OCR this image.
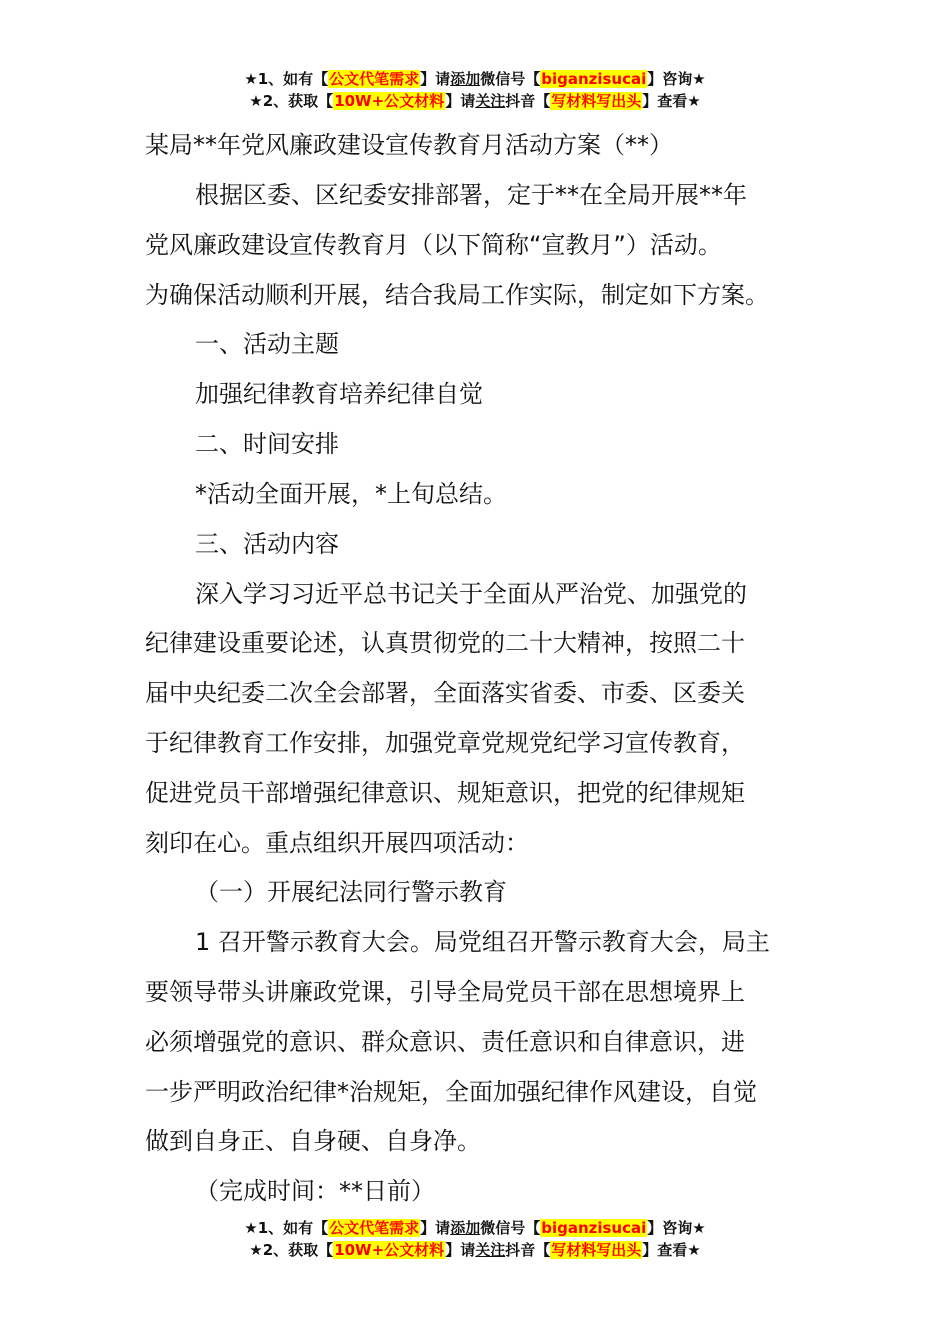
★1、如有【公文代笔需求】请添加微信号【biganzisucai】咨询★
★2、获取【10W+公文材料】请关注抖音【写材料写出头】查看★
某局**年党风廉政建设宣传教育月活动方案（**）
根据区委、区纪委安排部署，定于**在全局开展**年
党风廉政建设宣传教育月（以下简称“宣教月”）活动。
为确保活动顺利开展，结合我局工作实际，制定如下方案。
一、活动主题
加强纪律教育培养纪律自觉
二、时间安排
*活动全面开展，*上旬总结。
三、活动内容
深入学习习近平总书记关于全面从严治党、加强党的
纪律建设重要论述，认真贯彻党的二十大精神，按照二十
届中央纪委二次全会部署，全面落实省委、市委、区委关
于纪律教育工作安排，加强党章党规党纪学习宣传教育，
促进党员干部增强纪律意识、规矩意识，把党的纪律规矩
刻印在心。重点组织开展四项活动：
（一）开展纪法同行警示教育
1 召开警示教育大会。局党组召开警示教育大会，局主
要领导带头讲廉政党课，引导全局党员干部在思想境界上
必须增强党的意识、群众意识、责任意识和自律意识，进
一步严明政治纪律*治规矩，全面加强纪律作风建设，自觉
做到自身正、自身硬、自身净。
（完成时间：**日前）
★1、如有【公文代笔需求】请添加微信号【biganzisucai】咨询★
★2、获取【10W+公文材料】请关注抖音【写材料写出头】查看★
